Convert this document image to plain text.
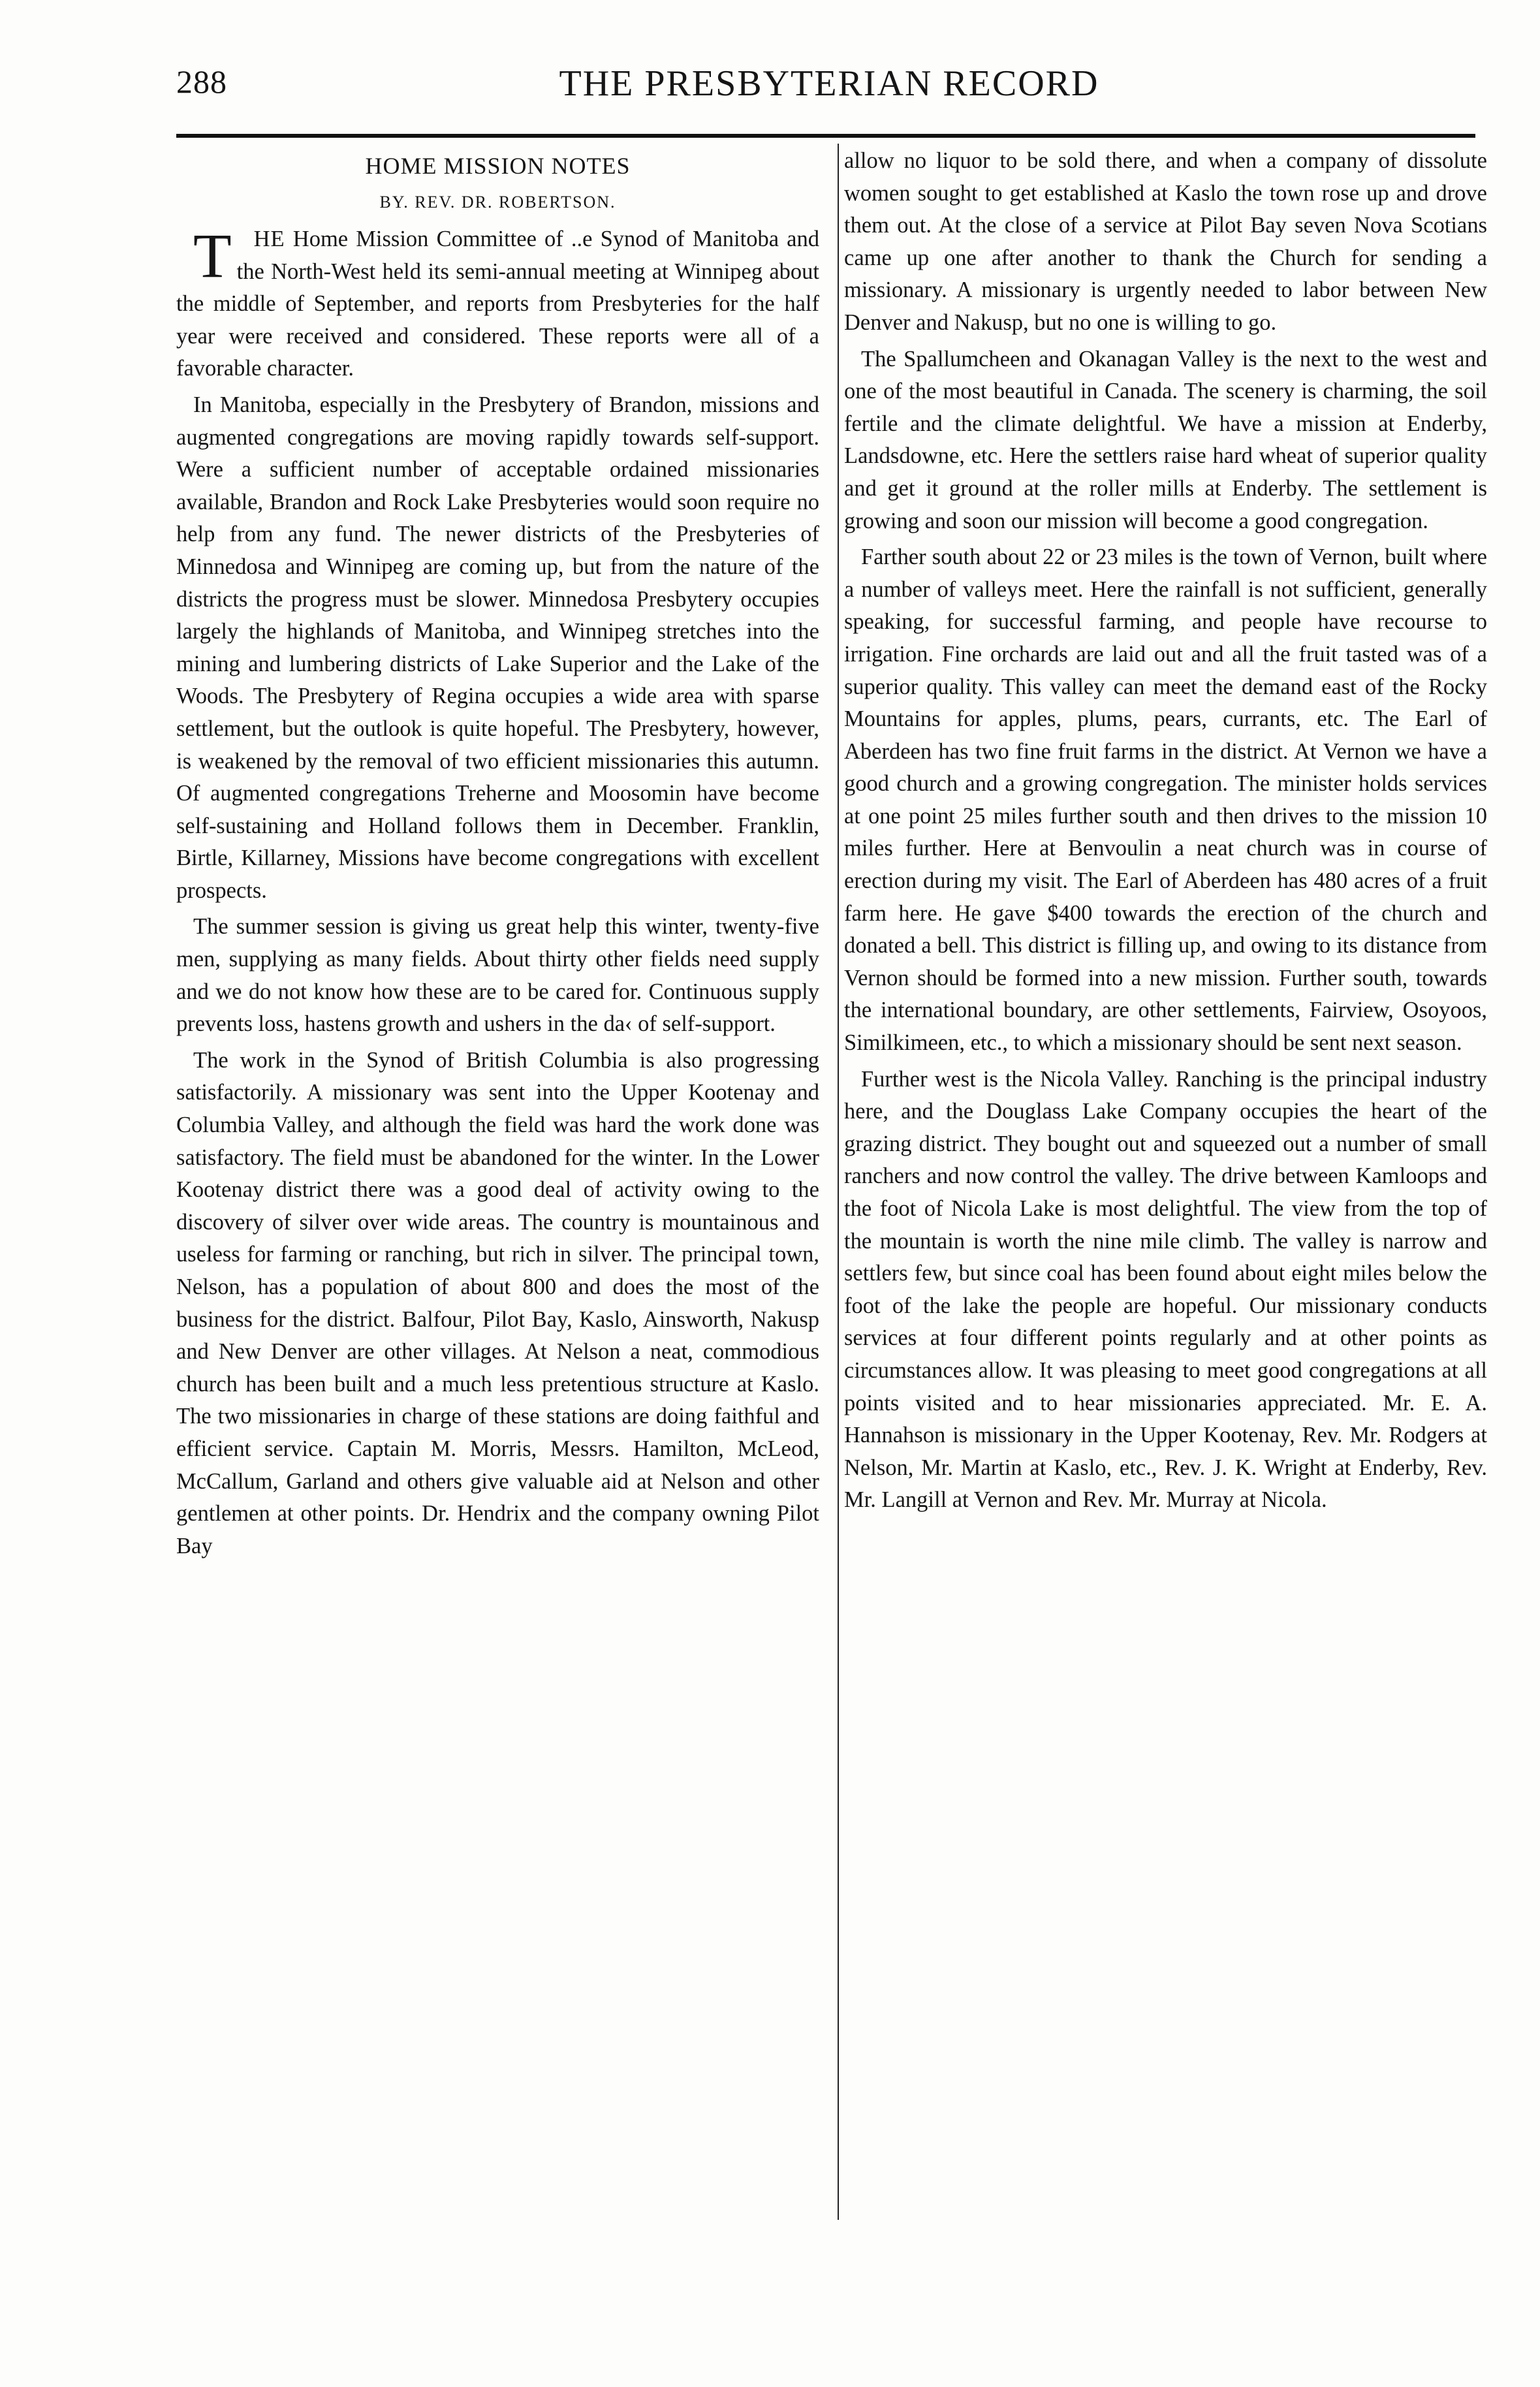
288	THE PRESBYTERIAN RECORD
HOME MISSION NOTES
BY. REV. DR. ROBERTSON.

THE Home Mission Committee of ..e Synod of Manitoba and the North-West held its semi-annual meeting at Winnipeg about the middle of September, and reports from Presbyteries for the half year were received and considered. These reports were all of a favorable character.

In Manitoba, especially in the Presbytery of Brandon, missions and augmented congregations are moving rapidly towards self-support. Were a sufficient number of acceptable ordained missionaries available, Brandon and Rock Lake Presbyteries would soon require no help from any fund. The newer districts of the Presbyteries of Minnedosa and Winnipeg are coming up, but from the nature of the districts the progress must be slower. Minnedosa Presbytery occupies largely the highlands of Manitoba, and Winnipeg stretches into the mining and lumbering districts of Lake Superior and the Lake of the Woods. The Presbytery of Regina occupies a wide area with sparse settlement, but the outlook is quite hopeful. The Presbytery, however, is weakened by the removal of two efficient missionaries this autumn. Of augmented congregations Treherne and Moosomin have become self-sustaining and Holland follows them in December. Franklin, Birtle, Killarney, Missions have become congregations with excellent prospects.

The summer session is giving us great help this winter, twenty-five men, supplying as many fields. About thirty other fields need supply and we do not know how these are to be cared for. Continuous supply prevents loss, hastens growth and ushers in the da‹ of self-support.

The work in the Synod of British Columbia is also progressing satisfactorily. A missionary was sent into the Upper Kootenay and Columbia Valley, and although the field was hard the work done was satisfactory. The field must be abandoned for the winter. In the Lower Kootenay district there was a good deal of activity owing to the discovery of silver over wide areas. The country is mountainous and useless for farming or ranching, but rich in silver. The principal town, Nelson, has a population of about 800 and does the most of the business for the district. Balfour, Pilot Bay, Kaslo, Ainsworth, Nakusp and New Denver are other villages. At Nelson a neat, commodious church has been built and a much less pretentious structure at Kaslo. The two missionaries in charge of these stations are doing faithful and efficient service. Captain M. Morris, Messrs. Hamilton, McLeod, McCallum, Garland and others give valuable aid at Nelson and other gentlemen at other points. Dr. Hendrix and the company owning Pilot Bay

allow no liquor to be sold there, and when a company of dissolute women sought to get established at Kaslo the town rose up and drove them out. At the close of a service at Pilot Bay seven Nova Scotians came up one after another to thank the Church for sending a missionary. A missionary is urgently needed to labor between New Denver and Nakusp, but no one is willing to go.

The Spallumcheen and Okanagan Valley is the next to the west and one of the most beautiful in Canada. The scenery is charming, the soil fertile and the climate delightful. We have a mission at Enderby, Landsdowne, etc. Here the settlers raise hard wheat of superior quality and get it ground at the roller mills at Enderby. The settlement is growing and soon our mission will become a good congregation.

Farther south about 22 or 23 miles is the town of Vernon, built where a number of valleys meet. Here the rainfall is not sufficient, generally speaking, for successful farming, and people have recourse to irrigation. Fine orchards are laid out and all the fruit tasted was of a superior quality. This valley can meet the demand east of the Rocky Mountains for apples, plums, pears, currants, etc. The Earl of Aberdeen has two fine fruit farms in the district. At Vernon we have a good church and a growing congregation. The minister holds services at one point 25 miles further south and then drives to the mission 10 miles further. Here at Benvoulin a neat church was in course of erection during my visit. The Earl of Aberdeen has 480 acres of a fruit farm here. He gave $400 towards the erection of the church and donated a bell. This district is filling up, and owing to its distance from Vernon should be formed into a new mission. Further south, towards the international boundary, are other settlements, Fairview, Osoyoos, Similkimeen, etc., to which a missionary should be sent next season.

Further west is the Nicola Valley. Ranching is the principal industry here, and the Douglass Lake Company occupies the heart of the grazing district. They bought out and squeezed out a number of small ranchers and now control the valley. The drive between Kamloops and the foot of Nicola Lake is most delightful. The view from the top of the mountain is worth the nine mile climb. The valley is narrow and settlers few, but since coal has been found about eight miles below the foot of the lake the people are hopeful. Our missionary conducts services at four different points regularly and at other points as circumstances allow. It was pleasing to meet good congregations at all points visited and to hear missionaries appreciated. Mr. E. A. Hannahson is missionary in the Upper Kootenay, Rev. Mr. Rodgers at Nelson, Mr. Martin at Kaslo, etc., Rev. J. K. Wright at Enderby, Rev. Mr. Langill at Vernon and Rev. Mr. Murray at Nicola.
